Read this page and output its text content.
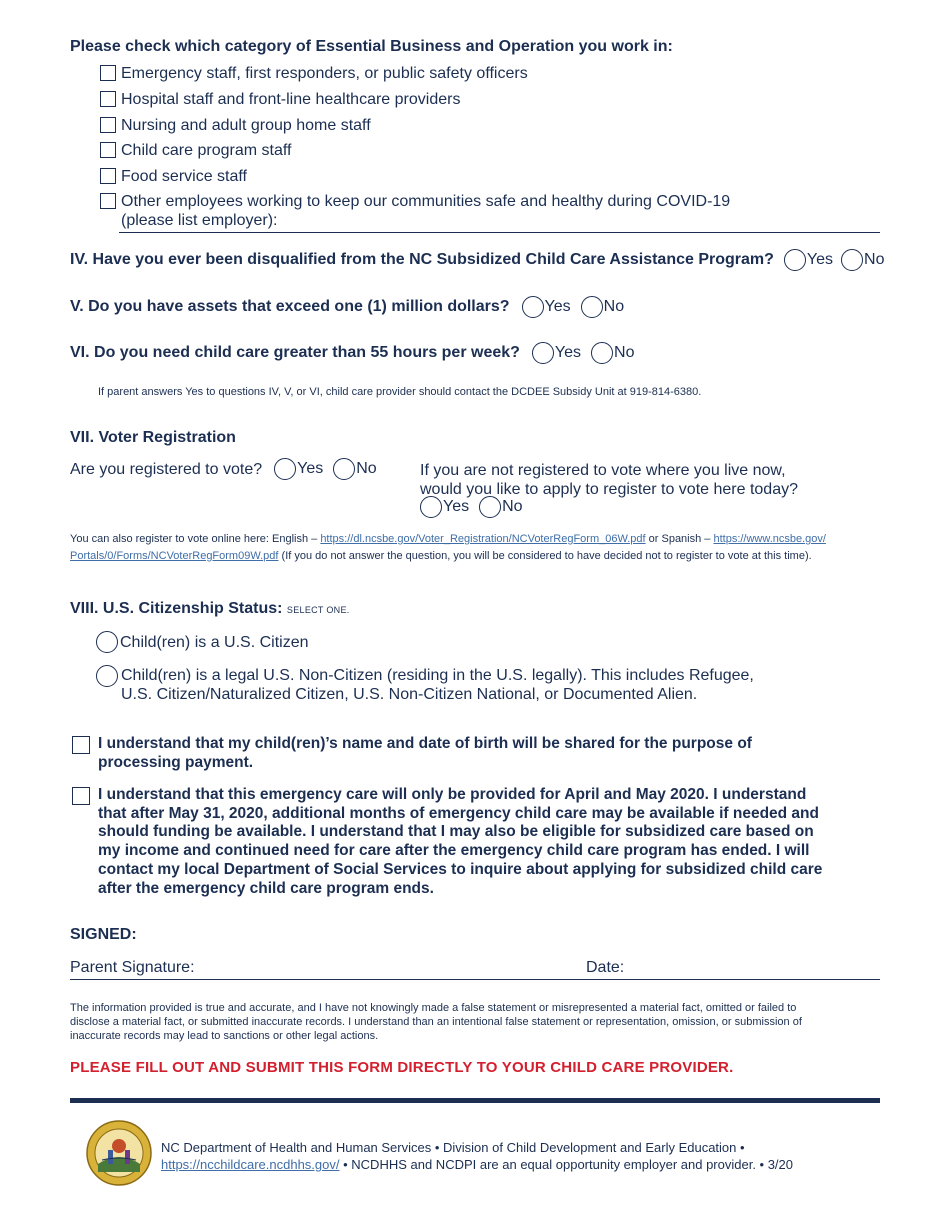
Please check which category of Essential Business and Operation you work in:
Emergency staff, first responders, or public safety officers
Hospital staff and front-line healthcare providers
Nursing and adult group home staff
Child care program staff
Food service staff
Other employees working to keep our communities safe and healthy during COVID-19
(please list employer):
IV. Have you ever been disqualified from the NC Subsidized Child Care Assistance Program? Yes No
V. Do you have assets that exceed one (1) million dollars? Yes No
VI. Do you need child care greater than 55 hours per week? Yes No
If parent answers Yes to questions IV, V, or VI, child care provider should contact the DCDEE Subsidy Unit at 919-814-6380.
VII. Voter Registration
Are you registered to vote? Yes No	If you are not registered to vote where you live now,
would you like to apply to register to vote here today?
Yes No
You can also register to vote online here: English – https://dl.ncsbe.gov/Voter_Registration/NCVoterRegForm_06W.pdf or Spanish – https://www.ncsbe.gov/
Portals/0/Forms/NCVoterRegForm09W.pdf (If you do not answer the question, you will be considered to have decided not to register to vote at this time).
VIII. U.S. Citizenship Status: SELECT ONE.
Child(ren) is a U.S. Citizen
Child(ren) is a legal U.S. Non-Citizen (residing in the U.S. legally). This includes Refugee,
U.S. Citizen/Naturalized Citizen, U.S. Non-Citizen National, or Documented Alien.
I understand that my child(ren)’s name and date of birth will be shared for the purpose of
processing payment.
I understand that this emergency care will only be provided for April and May 2020. I understand
that after May 31, 2020, additional months of emergency child care may be available if needed and
should funding be available. I understand that I may also be eligible for subsidized care based on
my income and continued need for care after the emergency child care program has ended. I will
contact my local Department of Social Services to inquire about applying for subsidized child care
after the emergency child care program ends.
SIGNED:
Parent Signature:	Date:
The information provided is true and accurate, and I have not knowingly made a false statement or misrepresented a material fact, omitted or failed to
disclose a material fact, or submitted inaccurate records. I understand than an intentional false statement or representation, omission, or submission of
inaccurate records may lead to sanctions or other legal actions.
PLEASE FILL OUT AND SUBMIT THIS FORM DIRECTLY TO YOUR CHILD CARE PROVIDER.
NC Department of Health and Human Services • Division of Child Development and Early Education •
https://ncchildcare.ncdhhs.gov/ • NCDHHS and NCDPI are an equal opportunity employer and provider. • 3/20
